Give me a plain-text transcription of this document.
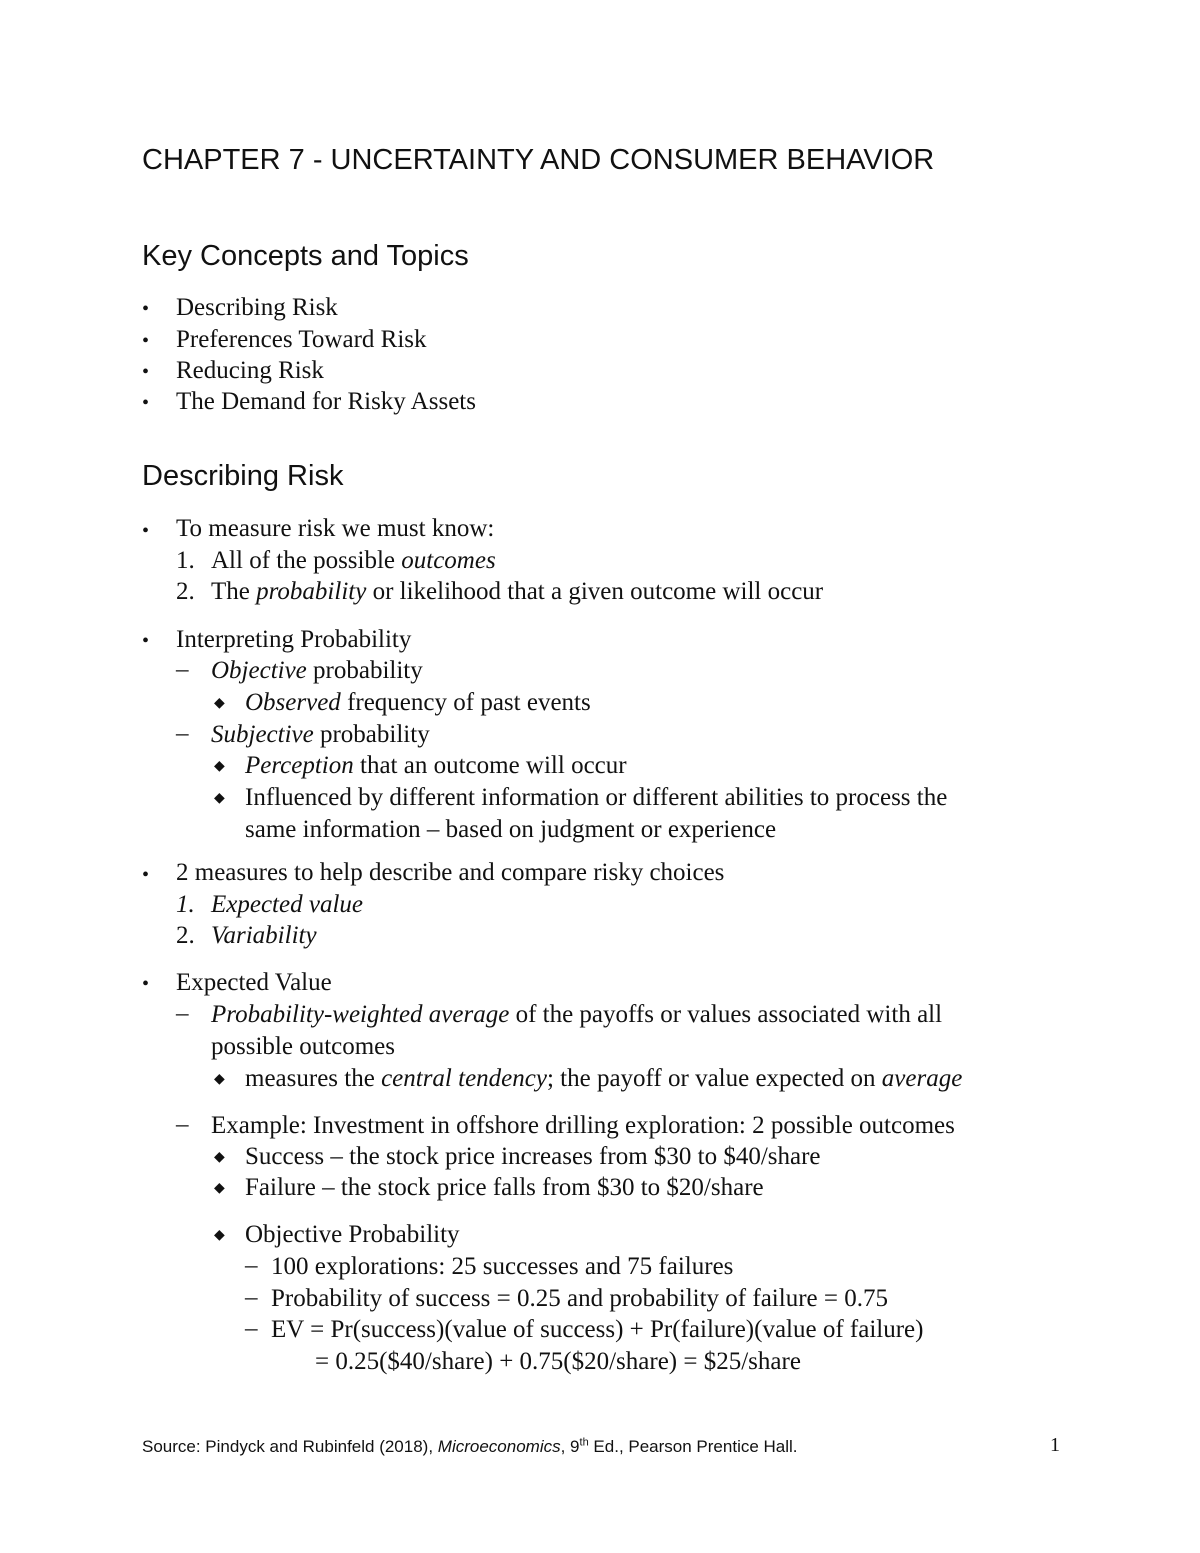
CHAPTER 7 - UNCERTAINTY AND CONSUMER BEHAVIOR
Key Concepts and Topics
• Describing Risk
• Preferences Toward Risk
• Reducing Risk
• The Demand for Risky Assets
Describing Risk
• To measure risk we must know:
1. All of the possible outcomes
2. The probability or likelihood that a given outcome will occur
• Interpreting Probability
– Objective probability
◆ Observed frequency of past events
– Subjective probability
◆ Perception that an outcome will occur
◆ Influenced by different information or different abilities to process the
same information – based on judgment or experience
• 2 measures to help describe and compare risky choices
1. Expected value
2. Variability
• Expected Value
– Probability-weighted average of the payoffs or values associated with all
possible outcomes
◆ measures the central tendency; the payoff or value expected on average
– Example: Investment in offshore drilling exploration: 2 possible outcomes
◆ Success – the stock price increases from $30 to $40/share
◆ Failure – the stock price falls from $30 to $20/share
◆ Objective Probability
– 100 explorations: 25 successes and 75 failures
– Probability of success = 0.25 and probability of failure = 0.75
– EV = Pr(success)(value of success) + Pr(failure)(value of failure)
= 0.25($40/share) + 0.75($20/share) = $25/share
Source: Pindyck and Rubinfeld (2018), Microeconomics, 9th Ed., Pearson Prentice Hall.	1
